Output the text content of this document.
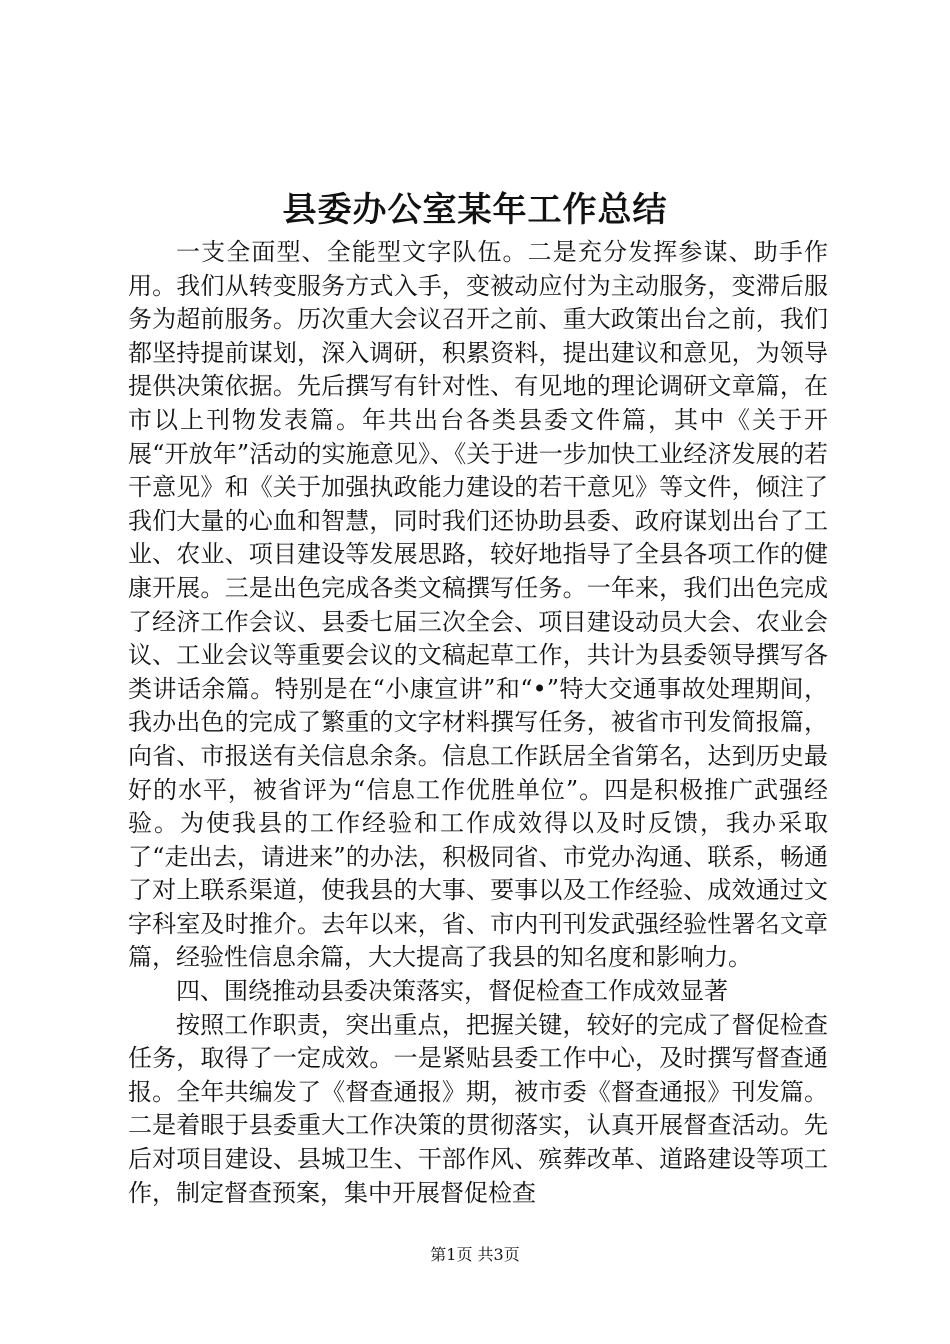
县委办公室某年工作总结

一支全面型、全能型文字队伍。二是充分发挥参谋、助手作用。我们从转变服务方式入手，变被动应付为主动服务，变滞后服务为超前服务。历次重大会议召开之前、重大政策出台之前，我们都坚持提前谋划，深入调研，积累资料，提出建议和意见，为领导提供决策依据。先后撰写有针对性、有见地的理论调研文章篇，在市以上刊物发表篇。年共出台各类县委文件篇，其中《关于开展“开放年”活动的实施意见》、《关于进一步加快工业经济发展的若干意见》和《关于加强执政能力建设的若干意见》等文件，倾注了我们大量的心血和智慧，同时我们还协助县委、政府谋划出台了工业、农业、项目建设等发展思路，较好地指导了全县各项工作的健康开展。三是出色完成各类文稿撰写任务。一年来，我们出色完成了经济工作会议、县委七届三次全会、项目建设动员大会、农业会议、工业会议等重要会议的文稿起草工作，共计为县委领导撰写各类讲话余篇。特别是在“小康宣讲”和“•”特大交通事故处理期间，我办出色的完成了繁重的文字材料撰写任务，被省市刊发简报篇，向省、市报送有关信息余条。信息工作跃居全省第名，达到历史最好的水平，被省评为“信息工作优胜单位”。四是积极推广武强经验。为使我县的工作经验和工作成效得以及时反馈，我办采取了“走出去，请进来”的办法，积极同省、市党办沟通、联系，畅通了对上联系渠道，使我县的大事、要事以及工作经验、成效通过文字科室及时推介。去年以来，省、市内刊刊发武强经验性署名文章篇，经验性信息余篇，大大提高了我县的知名度和影响力。

四、围绕推动县委决策落实，督促检查工作成效显著

按照工作职责，突出重点，把握关键，较好的完成了督促检查任务，取得了一定成效。一是紧贴县委工作中心，及时撰写督查通报。全年共编发了《督查通报》期，被市委《督查通报》刊发篇。二是着眼于县委重大工作决策的贯彻落实，认真开展督查活动。先后对项目建设、县城卫生、干部作风、殡葬改革、道路建设等项工作，制定督查预案，集中开展督促检查

第1页 共3页
